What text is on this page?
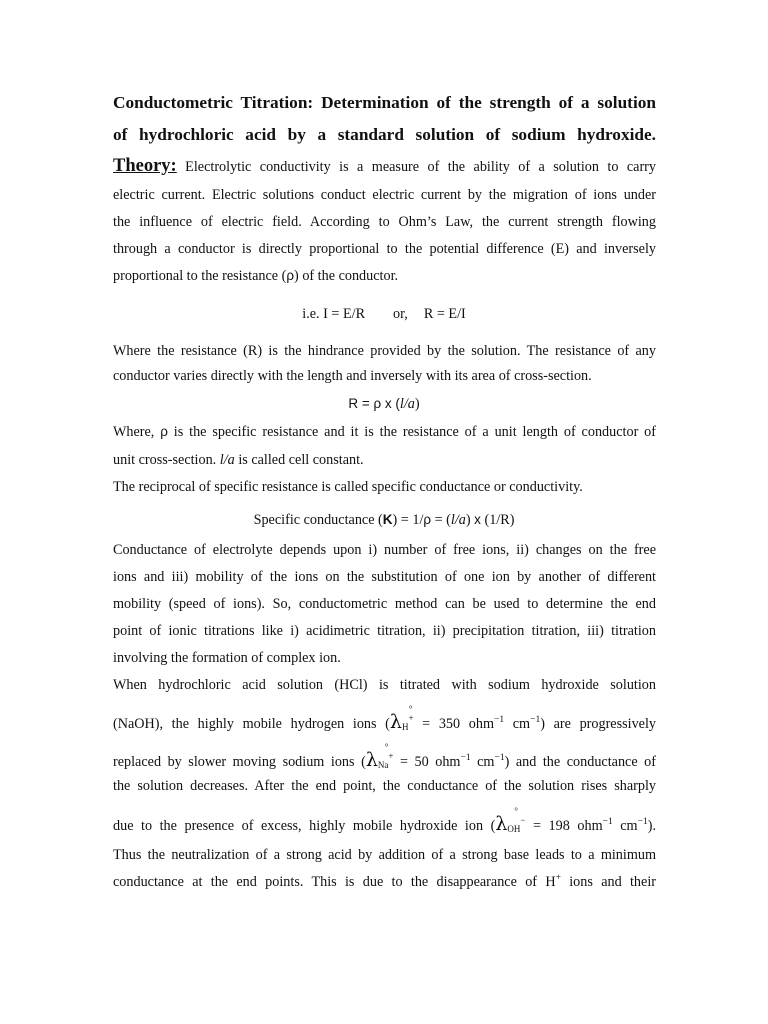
Conductometric Titration: Determination of the strength of a solution
of hydrochloric acid by a standard solution of sodium hydroxide.
Theory: Electrolytic conductivity is a measure of the ability of a solution to carry
electric current. Electric solutions conduct electric current by the migration of ions under
the influence of electric field. According to Ohm’s Law, the current strength flowing
through a conductor is directly proportional to the potential difference (E) and inversely
proportional to the resistance (ρ) of the conductor.
i.e. I = E/R or, R = E/I
Where the resistance (R) is the hindrance provided by the solution. The resistance of any
conductor varies directly with the length and inversely with its area of cross-section.
R = ρ x (l/a)
Where, ρ is the specific resistance and it is the resistance of a unit length of conductor of
unit cross-section. l/a is called cell constant.
The reciprocal of specific resistance is called specific conductance or conductivity.
Specific conductance (K) = 1/ρ = (l/a) x (1/R)
Conductance of electrolyte depends upon i) number of free ions, ii) changes on the free
ions and iii) mobility of the ions on the substitution of one ion by another of different
mobility (speed of ions). So, conductometric method can be used to determine the end
point of ionic titrations like i) acidimetric titration, ii) precipitation titration, iii) titration
involving the formation of complex ion.
When hydrochloric acid solution (HCl) is titrated with sodium hydroxide solution
(NaOH), the highly mobile hydrogen ions (λ
°
H+ = 350 ohm$^{-1}$ $cm^{-1}$) are progressively
replaced by slower moving sodium ions (λ
°
Na+ = 50 ohm$^{-1}$ $cm^{-1}$) and the conductance of
the solution decreases. After the end point, the conductance of the solution rises sharply
due to the presence of excess, highly mobile hydroxide ion (λ
°
OH− = 198 ohm$^{-1}$ $cm^{-1}$).
Thus the neutralization of a strong acid by addition of a strong base leads to a minimum
conductance at the end points. This is due to the disappearance of H+ ions and their
